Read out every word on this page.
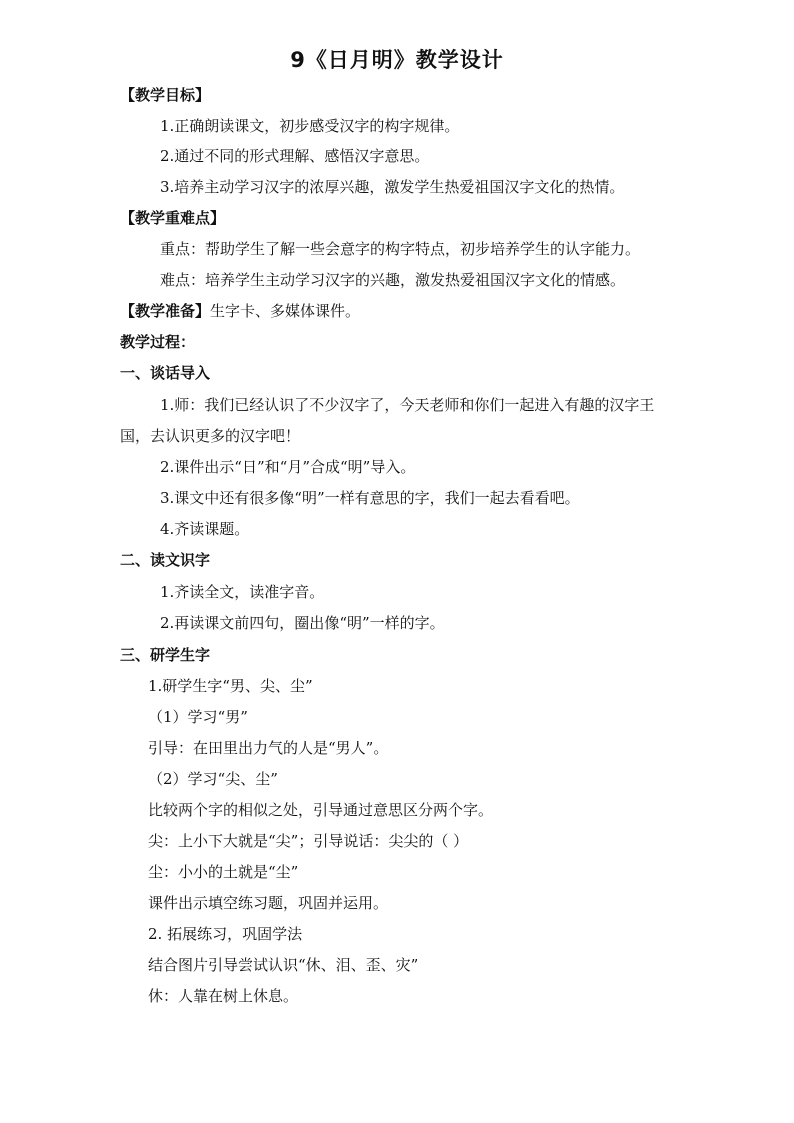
9《日月明》教学设计
【教学目标】
1.正确朗读课文，初步感受汉字的构字规律。
2.通过不同的形式理解、感悟汉字意思。
3.培养主动学习汉字的浓厚兴趣，激发学生热爱祖国汉字文化的热情。
【教学重难点】
重点：帮助学生了解一些会意字的构字特点，初步培养学生的认字能力。
难点：培养学生主动学习汉字的兴趣，激发热爱祖国汉字文化的情感。
【教学准备】生字卡、多媒体课件。
教学过程：
一、谈话导入
1.师：我们已经认识了不少汉字了，今天老师和你们一起进入有趣的汉字王
国，去认识更多的汉字吧！
2.课件出示“日”和“月”合成“明”导入。
3.课文中还有很多像“明”一样有意思的字，我们一起去看看吧。
4.齐读课题。
二、读文识字
1.齐读全文，读准字音。
2.再读课文前四句，圈出像“明”一样的字。
三、研学生字
1.研学生字“男、尖、尘”
（1）学习“男”
引导：在田里出力气的人是“男人”。
（2）学习“尖、尘”
比较两个字的相似之处，引导通过意思区分两个字。
尖：上小下大就是“尖”；引导说话：尖尖的（ ）
尘：小小的土就是“尘”
课件出示填空练习题，巩固并运用。
2. 拓展练习，巩固学法
结合图片引导尝试认识“休、泪、歪、灾”
休：人靠在树上休息。
